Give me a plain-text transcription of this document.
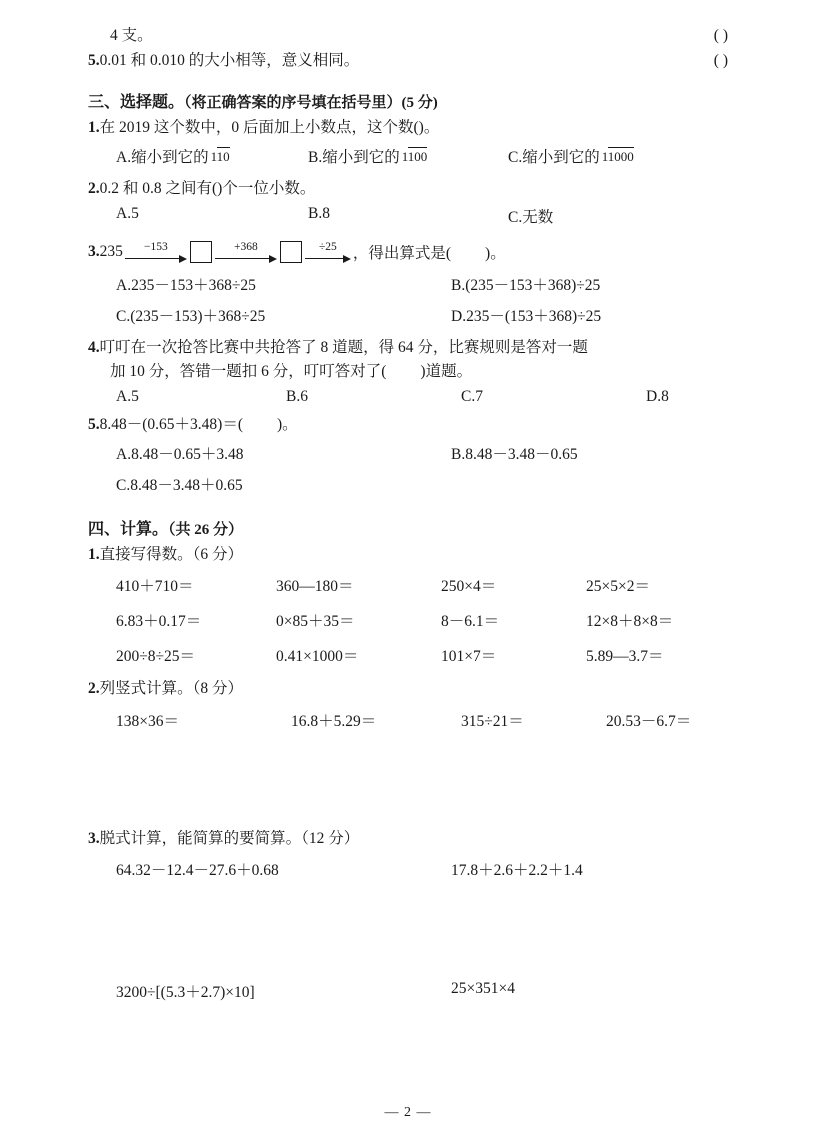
4 支。	( )
5.0.01 和 0.010 的大小相等，意义相同。	( )
三、选择题。（将正确答案的序号填在括号里）(5 分)
1.在 2019 这个数中，0 后面加上小数点，这个数()。
A.缩小到它的 110	B.缩小到它的 1100	C.缩小到它的 11000
2.0.2 和 0.8 之间有()个一位小数。
A.5	B.8	C.无数
3. 235	−153	+368	÷25	，得出算式是( )。
A.235－153＋368÷25	B.(235－153＋368)÷25
C.(235－153)＋368÷25	D.235－(153＋368)÷25
4.叮叮在一次抢答比赛中共抢答了 8 道题，得 64 分，比赛规则是答对一题
加 10 分，答错一题扣 6 分，叮叮答对了( )道题。
A.5	B.6	C.7	D.8
5.8.48－(0.65＋3.48)＝( )。
A.8.48－0.65＋3.48	B.8.48－3.48－0.65
C.8.48－3.48＋0.65
四、计算。（共 26 分）
1.直接写得数。（6 分）
410＋710＝	360—180＝	250×4＝	25×5×2＝
6.83＋0.17＝	0×85＋35＝	8－6.1＝	12×8＋8×8＝
200÷8÷25＝	0.41×1000＝	101×7＝	5.89—3.7＝
2.列竖式计算。（8 分）
138×36＝	16.8＋5.29＝	315÷21＝	20.53－6.7＝
3.脱式计算，能简算的要简算。（12 分）
64.32－12.4－27.6＋0.68	17.8＋2.6＋2.2＋1.4
3200÷[(5.3＋2.7)×10]	25×351×4
— 2 —
